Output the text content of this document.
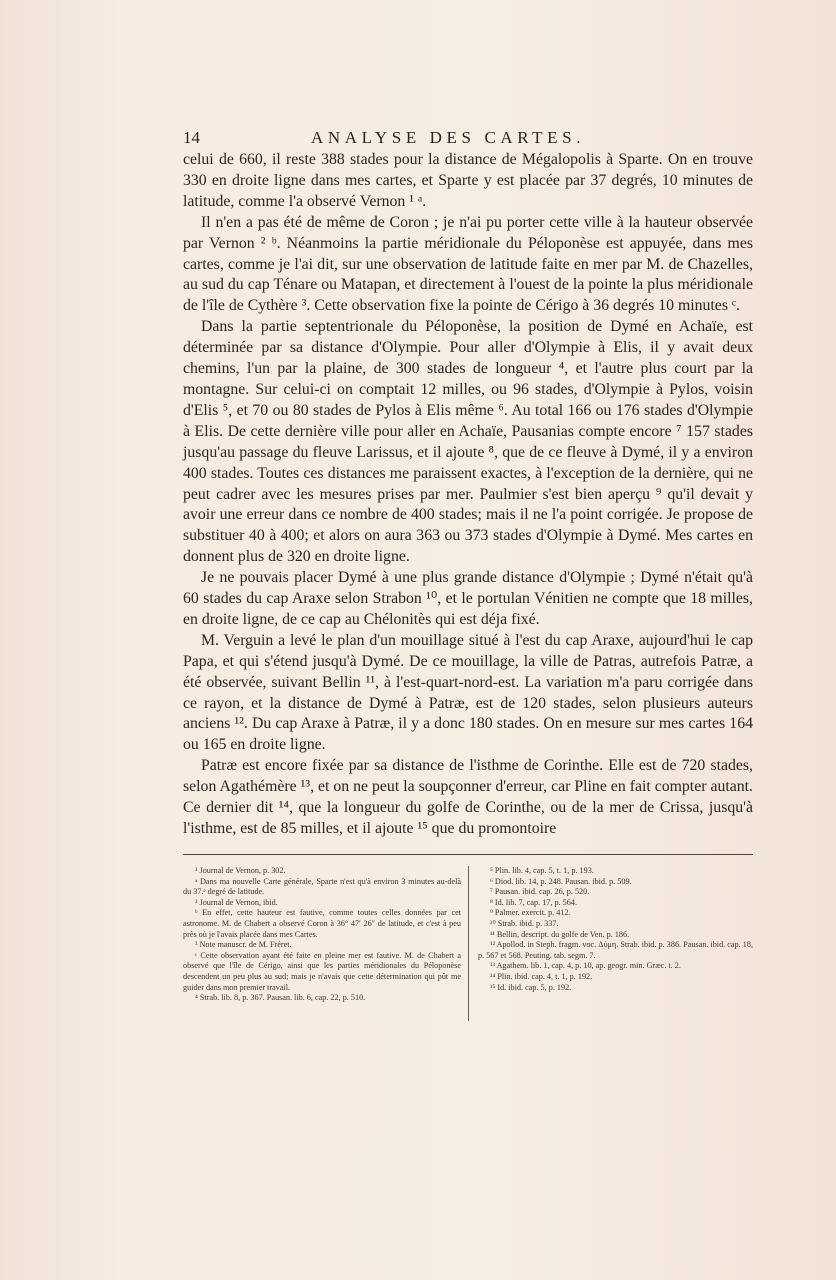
14	ANALYSE DES CARTES.

celui de 660, il reste 388 stades pour la distance de Mégalopolis à Sparte. On en trouve 330 en droite ligne dans mes cartes, et Sparte y est placée par 37 degrés, 10 minutes de latitude, comme l'a observé Vernon ¹ ᵃ.

Il n'en a pas été de même de Coron ; je n'ai pu porter cette ville à la hauteur observée par Vernon ² ᵇ. Néanmoins la partie méridionale du Péloponèse est appuyée, dans mes cartes, comme je l'ai dit, sur une observation de latitude faite en mer par M. de Chazelles, au sud du cap Ténare ou Matapan, et directement à l'ouest de la pointe la plus méridionale de l'île de Cythère ³. Cette observation fixe la pointe de Cérigo à 36 degrés 10 minutes ᶜ.

Dans la partie septentrionale du Péloponèse, la position de Dymé en Achaïe, est déterminée par sa distance d'Olympie. Pour aller d'Olympie à Elis, il y avait deux chemins, l'un par la plaine, de 300 stades de longueur ⁴, et l'autre plus court par la montagne. Sur celui-ci on comptait 12 milles, ou 96 stades, d'Olympie à Pylos, voisin d'Elis ⁵, et 70 ou 80 stades de Pylos à Elis même ⁶. Au total 166 ou 176 stades d'Olympie à Elis. De cette dernière ville pour aller en Achaïe, Pausanias compte encore ⁷ 157 stades jusqu'au passage du fleuve Larissus, et il ajoute ⁸, que de ce fleuve à Dymé, il y a environ 400 stades. Toutes ces distances me paraissent exactes, à l'exception de la dernière, qui ne peut cadrer avec les mesures prises par mer. Paulmier s'est bien aperçu ⁹ qu'il devait y avoir une erreur dans ce nombre de 400 stades; mais il ne l'a point corrigée. Je propose de substituer 40 à 400; et alors on aura 363 ou 373 stades d'Olympie à Dymé. Mes cartes en donnent plus de 320 en droite ligne.

Je ne pouvais placer Dymé à une plus grande distance d'Olympie ; Dymé n'était qu'à 60 stades du cap Araxe selon Strabon ¹⁰, et le portulan Vénitien ne compte que 18 milles, en droite ligne, de ce cap au Chélonitès qui est déja fixé.

M. Verguin a levé le plan d'un mouillage situé à l'est du cap Araxe, aujourd'hui le cap Papa, et qui s'étend jusqu'à Dymé. De ce mouillage, la ville de Patras, autrefois Patræ, a été observée, suivant Bellin ¹¹, à l'est-quart-nord-est. La variation m'a paru corrigée dans ce rayon, et la distance de Dymé à Patræ, est de 120 stades, selon plusieurs auteurs anciens ¹². Du cap Araxe à Patræ, il y a donc 180 stades. On en mesure sur mes cartes 164 ou 165 en droite ligne.

Patræ est encore fixée par sa distance de l'isthme de Corinthe. Elle est de 720 stades, selon Agathémère ¹³, et on ne peut la soupçonner d'erreur, car Pline en fait compter autant. Ce dernier dit ¹⁴, que la longueur du golfe de Corinthe, ou de la mer de Crissa, jusqu'à l'isthme, est de 85 milles, et il ajoute ¹⁵ que du promontoire

¹ Journal de Vernon, p. 302.
ᵃ Dans ma nouvelle Carte générale, Sparte n'est qu'à environ 3 minutes au-delà du 37.ᵉ degré de latitude.
² Journal de Vernon, ibid.
ᵇ En effet, cette hauteur est fautive, comme toutes celles données par cet astronome. M. de Chabert a observé Coron à 36° 47′ 26″ de latitude, et c'est à peu près où je l'avais placée dans mes Cartes.
³ Note manuscr. de M. Fréret.
ᶜ Cette observation ayant été faite en pleine mer est fautive. M. de Chabert a observé que l'île de Cérigo, ainsi que les parties méridionales du Péloponèse descendent un peu plus au sud; mais je n'avais que cette détermination qui pût me guider dans mon premier travail.
⁴ Strab. lib. 8, p. 367. Pausan. lib. 6, cap. 22, p. 510.
⁵ Plin. lib. 4, cap. 5, t. 1, p. 193.
⁶ Diod. lib. 14, p. 248. Pausan. ibid. p. 509.
⁷ Pausan. ibid. cap. 26, p. 520.
⁸ Id. lib. 7, cap. 17, p. 564.
⁹ Palmer. exercit. p. 412.
¹⁰ Strab. ibid. p. 337.
¹¹ Bellin, descript. du golfe de Ven. p. 186.
¹² Apollod. in Steph. fragm. voc. Δύμη. Strab. ibid. p. 386. Pausan. ibid. cap. 18, p. 567 et 568. Peuting. tab. segm. 7.
¹³ Agathem. lib. 1, cap. 4, p. 10, ap. geogr. min. Græc. t. 2.
¹⁴ Plin. ibid. cap. 4, t. 1, p. 192.
¹⁵ Id. ibid. cap. 5, p. 192.
